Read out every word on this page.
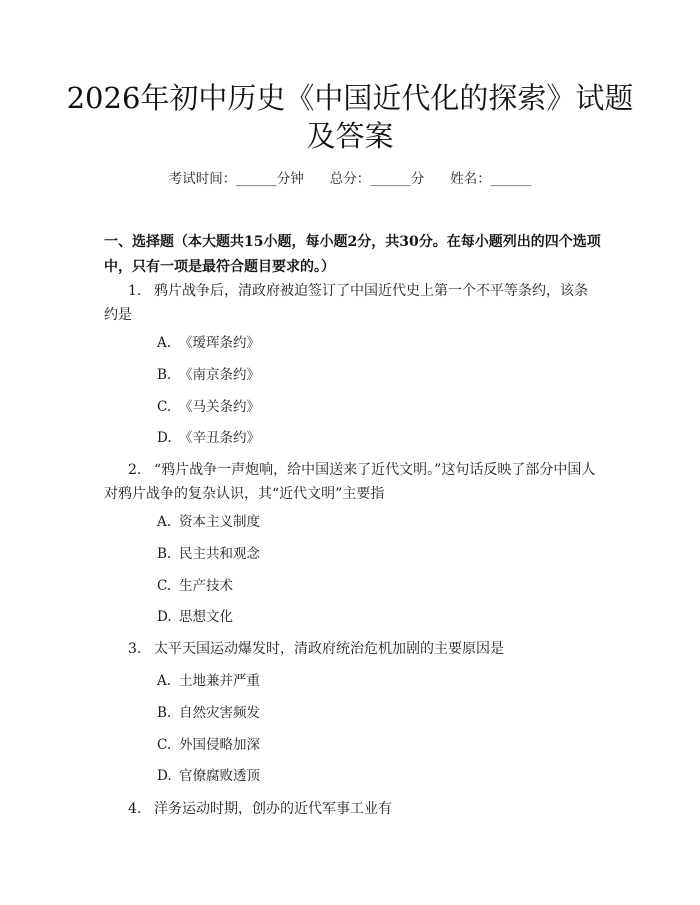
2026年初中历史《中国近代化的探索》试题
及答案
考试时间：______分钟 总分：______分 姓名：______
一、选择题（本大题共15小题，每小题2分，共30分。在每小题列出的四个选项中，只有一项是最符合题目要求的。）
1. 鸦片战争后，清政府被迫签订了中国近代史上第一个不平等条约，该条约是
A. 《瑷珲条约》
B. 《南京条约》
C. 《马关条约》
D. 《辛丑条约》
2. “鸦片战争一声炮响，给中国送来了近代文明。”这句话反映了部分中国人对鸦片战争的复杂认识，其“近代文明”主要指
A. 资本主义制度
B. 民主共和观念
C. 生产技术
D. 思想文化
3. 太平天国运动爆发时，清政府统治危机加剧的主要原因是
A. 土地兼并严重
B. 自然灾害频发
C. 外国侵略加深
D. 官僚腐败透顶
4. 洋务运动时期，创办的近代军事工业有
